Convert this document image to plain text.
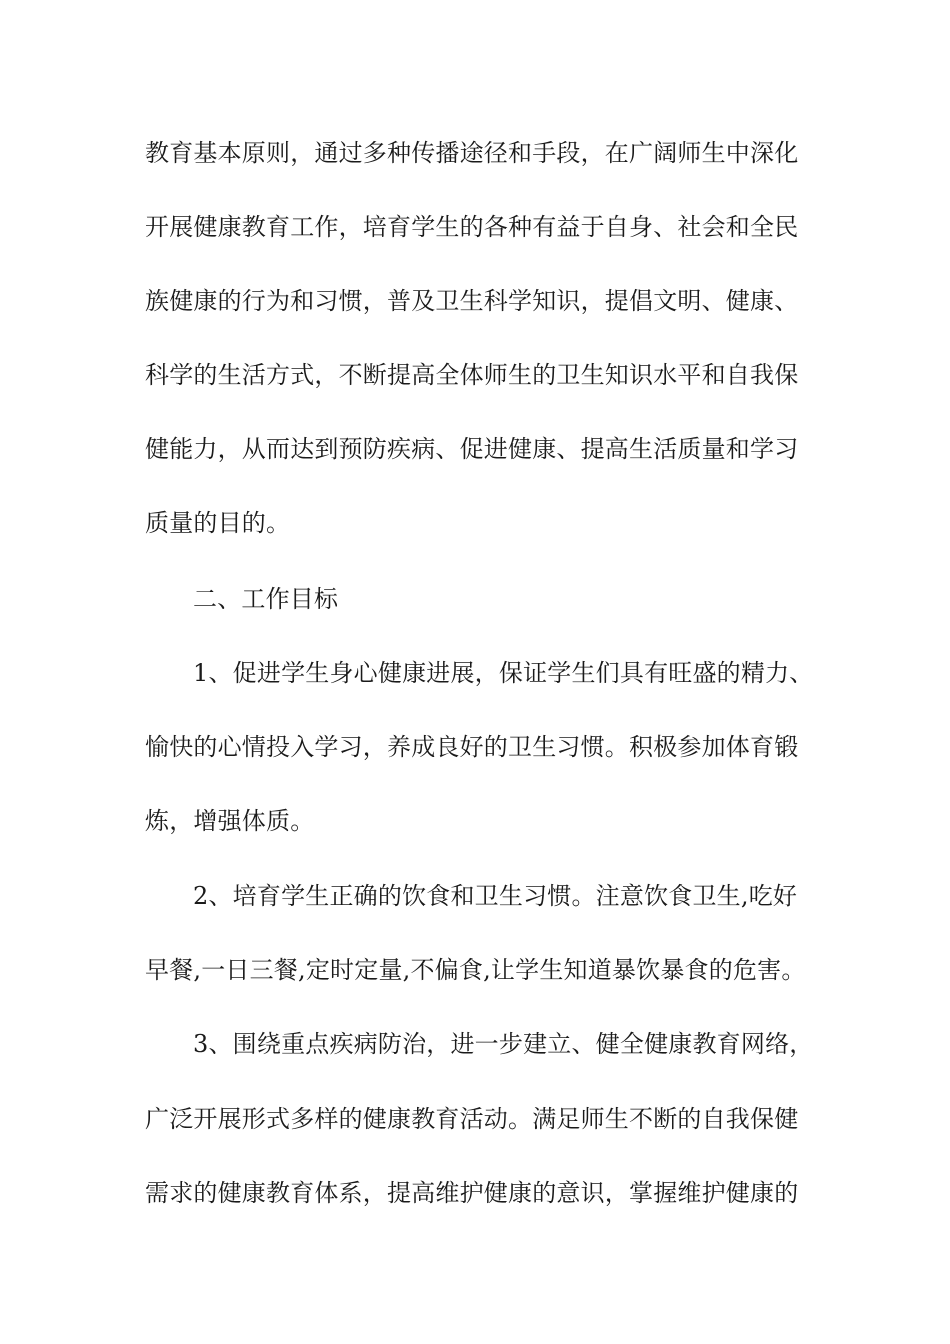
教育基本原则，通过多种传播途径和手段，在广阔师生中深化
开展健康教育工作，培育学生的各种有益于自身、社会和全民
族健康的行为和习惯，普及卫生科学知识，提倡文明、健康、
科学的生活方式，不断提高全体师生的卫生知识水平和自我保
健能力，从而达到预防疾病、促进健康、提高生活质量和学习
质量的目的。
二、工作目标
1、促进学生身心健康进展，保证学生们具有旺盛的精力、
愉快的心情投入学习，养成良好的卫生习惯。积极参加体育锻
炼，增强体质。
2、培育学生正确的饮食和卫生习惯。注意饮食卫生,吃好
早餐,一日三餐,定时定量,不偏食,让学生知道暴饮暴食的危害。
3、围绕重点疾病防治，进一步建立、健全健康教育网络，
广泛开展形式多样的健康教育活动。满足师生不断的自我保健
需求的健康教育体系，提高维护健康的意识，掌握维护健康的
